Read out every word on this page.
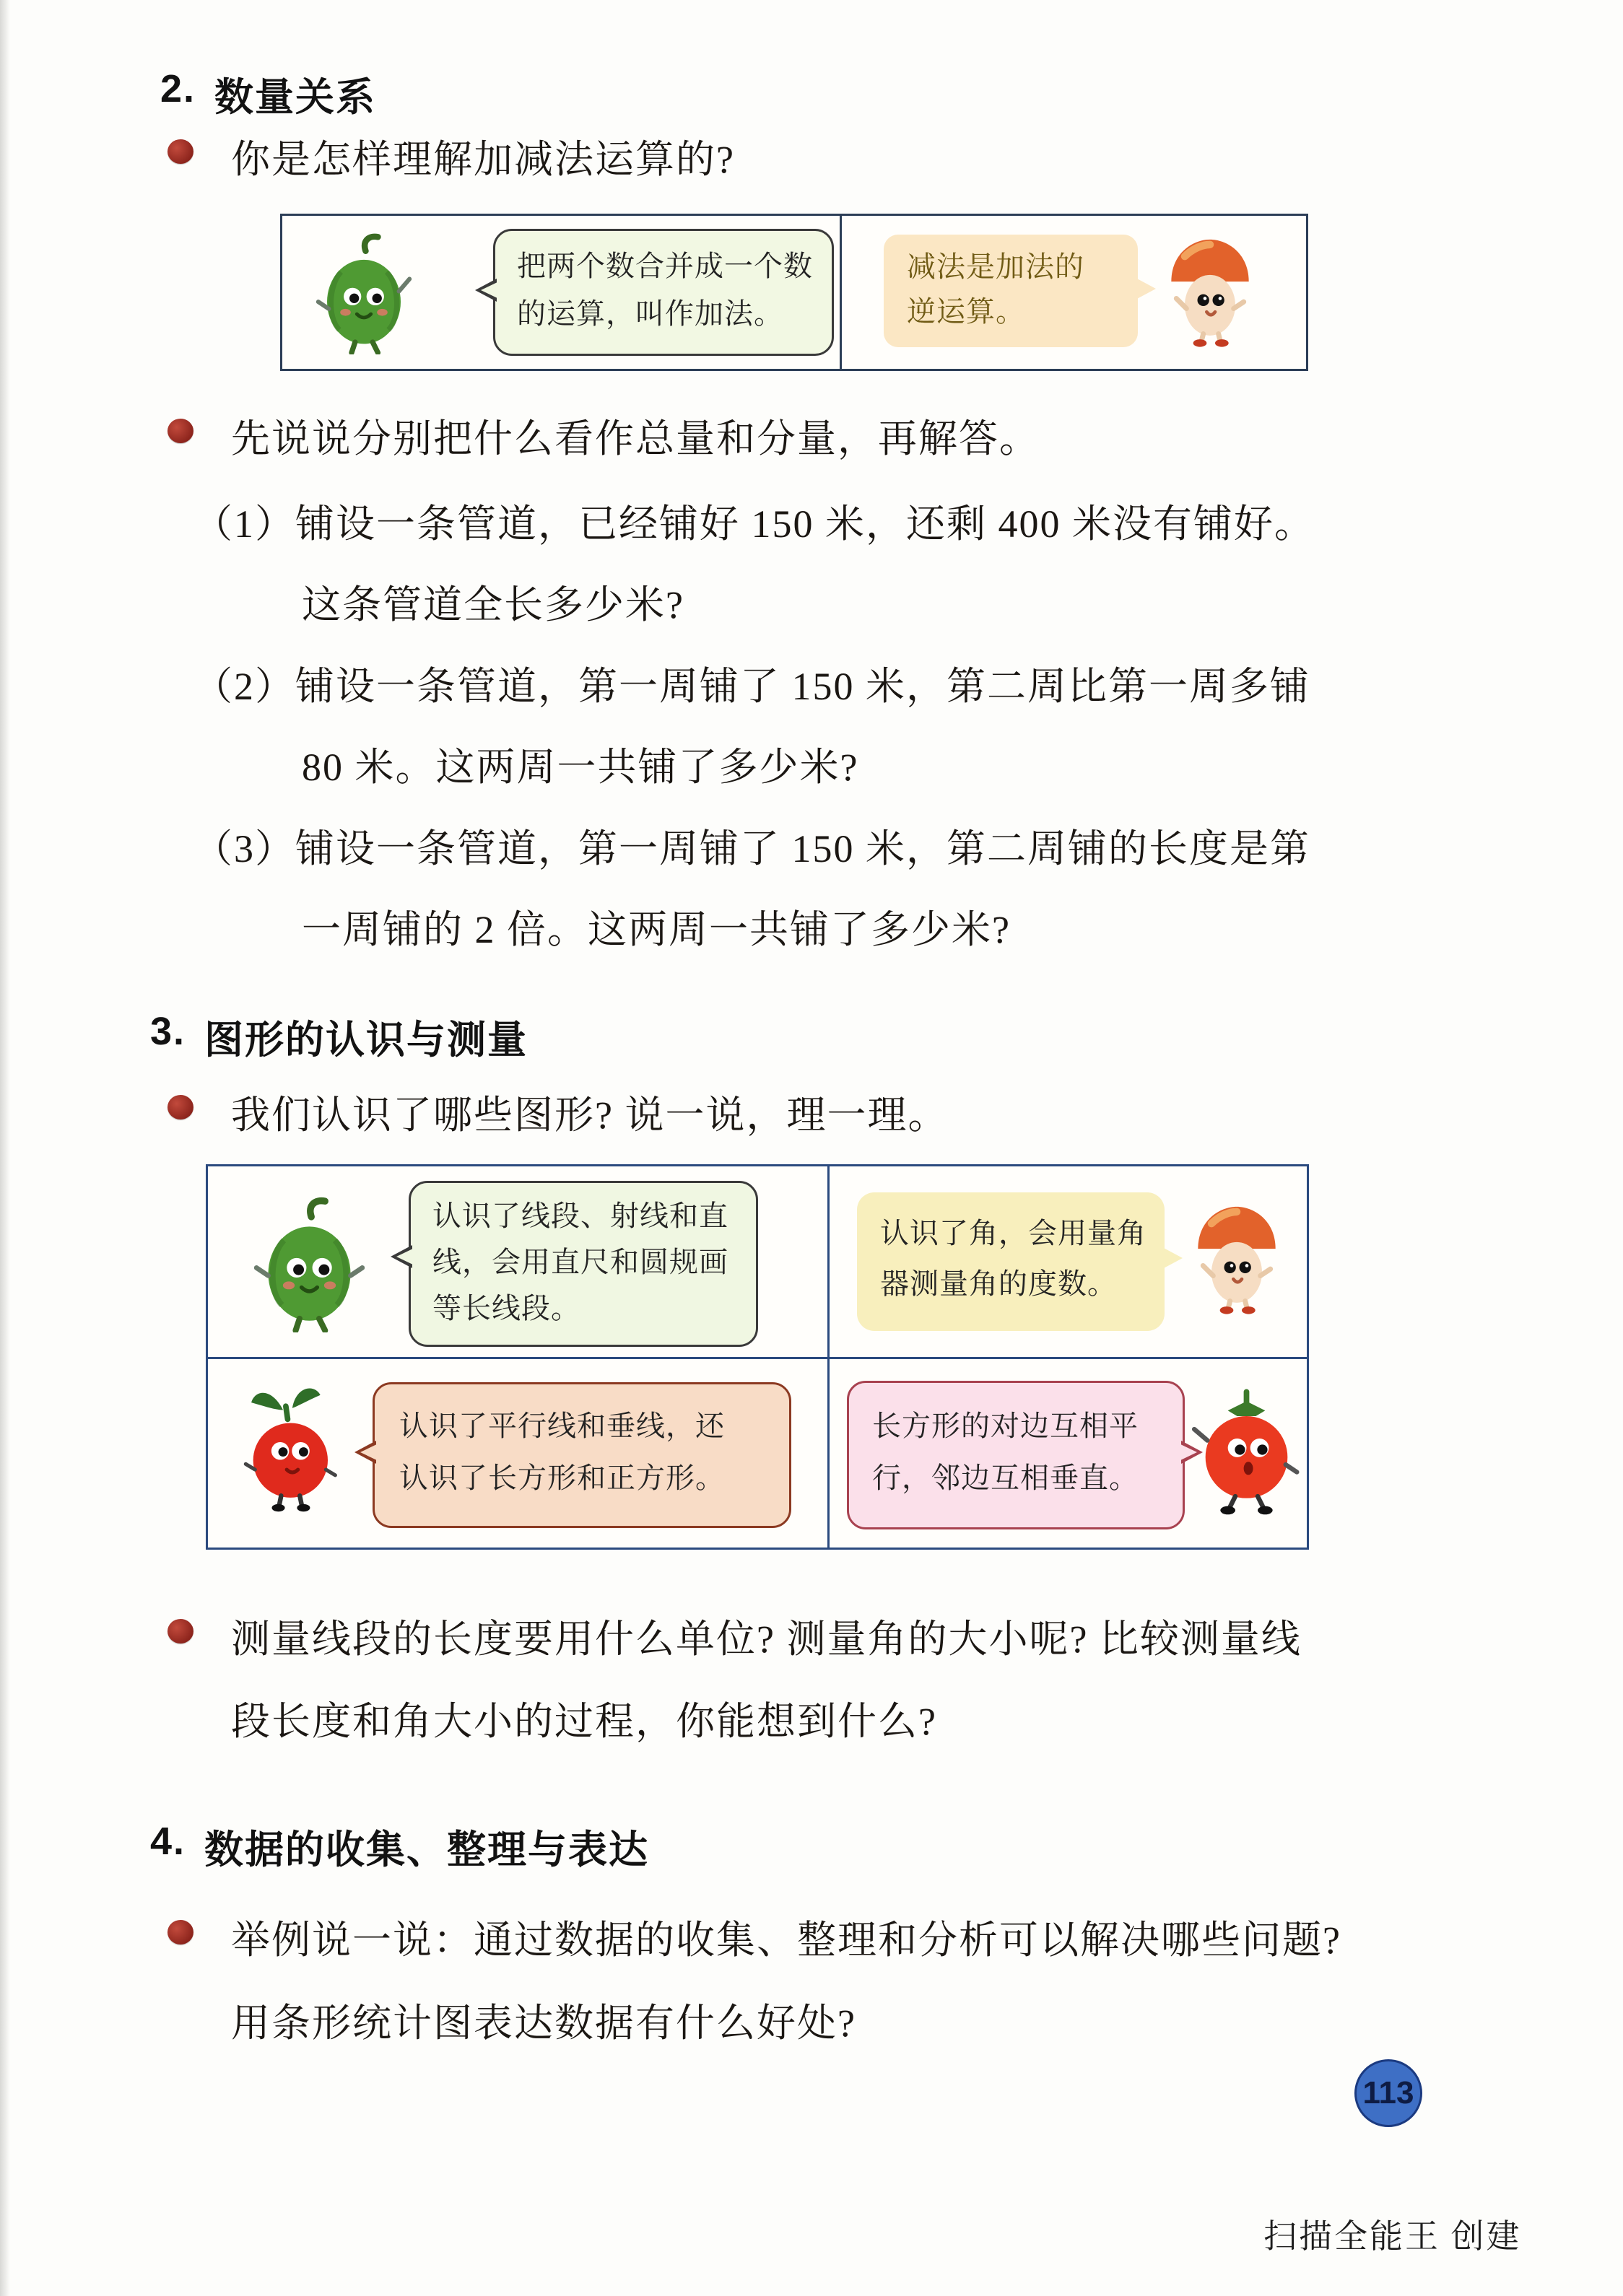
2. 数量关系
你是怎样理解加减法运算的?
把两个数合并成一个数
的运算，叫作加法。
减法是加法的
逆运算。
先说说分别把什么看作总量和分量，再解答。
（1）铺设一条管道，已经铺好 150 米，还剩 400 米没有铺好。
这条管道全长多少米?
（2）铺设一条管道，第一周铺了 150 米，第二周比第一周多铺
80 米。这两周一共铺了多少米?
（3）铺设一条管道，第一周铺了 150 米，第二周铺的长度是第
一周铺的 2 倍。这两周一共铺了多少米?
3. 图形的认识与测量
我们认识了哪些图形? 说一说，理一理。
认识了线段、射线和直
线，会用直尺和圆规画
等长线段。
认识了角，会用量角
器测量角的度数。
认识了平行线和垂线，还
认识了长方形和正方形。
长方形的对边互相平
行，邻边互相垂直。
测量线段的长度要用什么单位? 测量角的大小呢? 比较测量线
段长度和角大小的过程，你能想到什么?
4. 数据的收集、整理与表达
举例说一说：通过数据的收集、整理和分析可以解决哪些问题?
用条形统计图表达数据有什么好处?
113
扫描全能王 创建
